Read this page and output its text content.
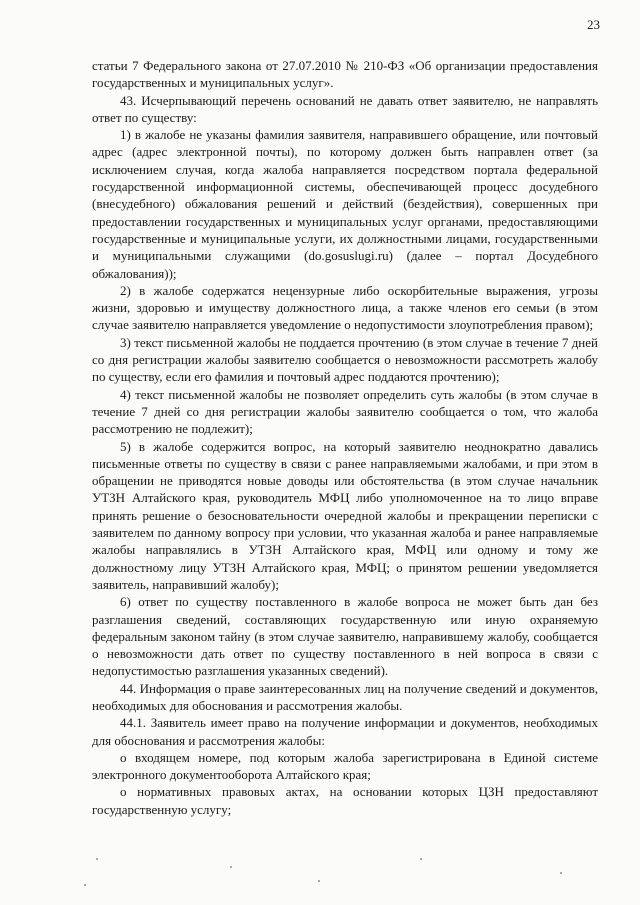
23

статьи 7 Федерального закона от 27.07.2010 № 210-ФЗ «Об организации предоставления государственных и муниципальных услуг».

43. Исчерпывающий перечень оснований не давать ответ заявителю, не направлять ответ по существу:

1) в жалобе не указаны фамилия заявителя, направившего обращение, или почтовый адрес (адрес электронной почты), по которому должен быть направлен ответ (за исключением случая, когда жалоба направляется посредством портала федеральной государственной информационной системы, обеспечивающей процесс досудебного (внесудебного) обжалования решений и действий (бездействия), совершенных при предоставлении государственных и муниципальных услуг органами, предоставляющими государственные и муниципальные услуги, их должностными лицами, государственными и муниципальными служащими (do.gosuslugi.ru) (далее – портал Досудебного обжалования));

2) в жалобе содержатся нецензурные либо оскорбительные выражения, угрозы жизни, здоровью и имуществу должностного лица, а также членов его семьи (в этом случае заявителю направляется уведомление о недопустимости злоупотребления правом);

3) текст письменной жалобы не поддается прочтению (в этом случае в течение 7 дней со дня регистрации жалобы заявителю сообщается о невозможности рассмотреть жалобу по существу, если его фамилия и почтовый адрес поддаются прочтению);

4) текст письменной жалобы не позволяет определить суть жалобы (в этом случае в течение 7 дней со дня регистрации жалобы заявителю сообщается о том, что жалоба рассмотрению не подлежит);

5) в жалобе содержится вопрос, на который заявителю неоднократно давались письменные ответы по существу в связи с ранее направляемыми жалобами, и при этом в обращении не приводятся новые доводы или обстоятельства (в этом случае начальник УТЗН Алтайского края, руководитель МФЦ либо уполномоченное на то лицо вправе принять решение о безосновательности очередной жалобы и прекращении переписки с заявителем по данному вопросу при условии, что указанная жалоба и ранее направляемые жалобы направлялись в УТЗН Алтайского края, МФЦ или одному и тому же должностному лицу УТЗН Алтайского края, МФЦ; о принятом решении уведомляется заявитель, направивший жалобу);

6) ответ по существу поставленного в жалобе вопроса не может быть дан без разглашения сведений, составляющих государственную или иную охраняемую федеральным законом тайну (в этом случае заявителю, направившему жалобу, сообщается о невозможности дать ответ по существу поставленного в ней вопроса в связи с недопустимостью разглашения указанных сведений).

44. Информация о праве заинтересованных лиц на получение сведений и документов, необходимых для обоснования и рассмотрения жалобы.

44.1. Заявитель имеет право на получение информации и документов, необходимых для обоснования и рассмотрения жалобы:

о входящем номере, под которым жалоба зарегистрирована в Единой системе электронного документооборота Алтайского края;

о нормативных правовых актах, на основании которых ЦЗН предоставляют государственную услугу;
